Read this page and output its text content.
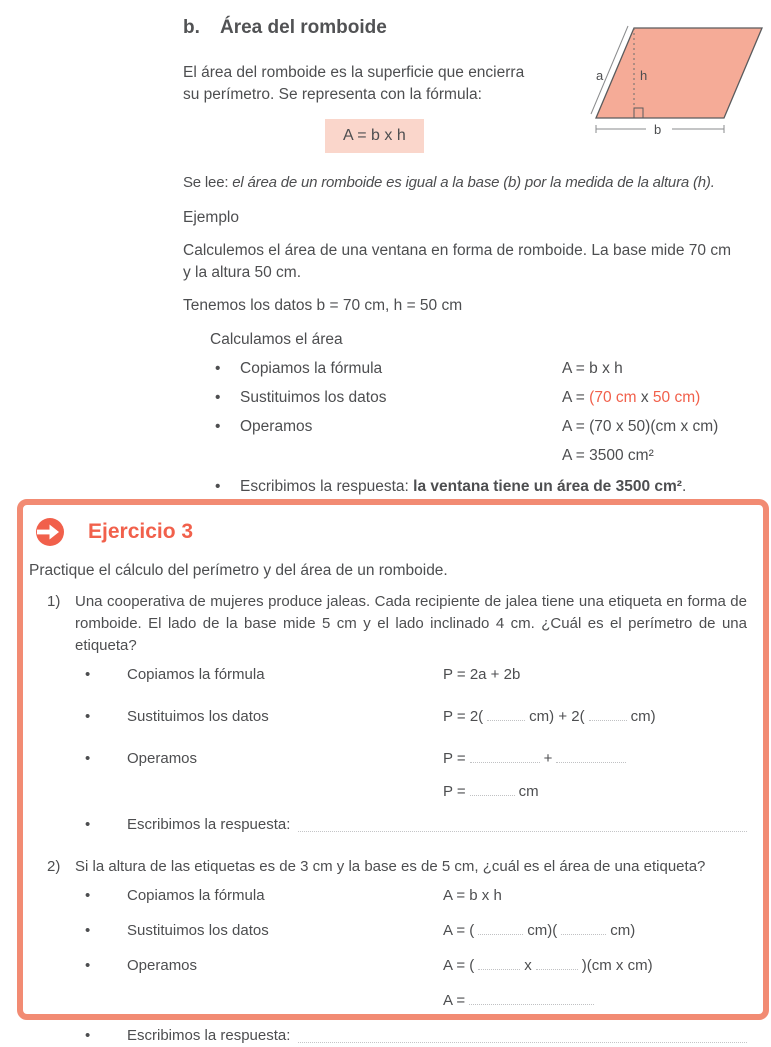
b.	Área del romboide
El área del romboide es la superficie que encierra
su perímetro. Se representa con la fórmula:
A = b x h
Se lee: el área de un romboide es igual a la base (b) por la medida de la altura (h).
Ejemplo
Calculemos el área de una ventana en forma de romboide. La base mide 70 cm
y la altura 50 cm.
Tenemos los datos b = 70 cm, h = 50 cm
Calculamos el área
•	Copiamos la fórmula	A = b x h
•	Sustituimos los datos	A = (70 cm x 50 cm)
•	Operamos	A = (70 x 50)(cm x cm)
A = 3500 cm²
•	Escribimos la respuesta: la ventana tiene un área de 3500 cm².
a	h
b
Ejercicio 3
Practique el cálculo del perímetro y del área de un romboide.
1) Una cooperativa de mujeres produce jaleas. Cada recipiente de jalea tiene una etiqueta en forma de romboide. El lado de la base mide 5 cm y el lado inclinado 4 cm. ¿Cuál es el perímetro de una etiqueta?
•	Copiamos la fórmula	P = 2a + 2b
•	Sustituimos los datos	P = 2(	cm) + 2(	cm)
•	Operamos	P =	+
P =	cm
•	Escribimos la respuesta:
2) Si la altura de las etiquetas es de 3 cm y la base es de 5 cm, ¿cuál es el área de una etiqueta?
•	Copiamos la fórmula	A = b x h
•	Sustituimos los datos	A = (	cm)(	cm)
•	Operamos	A = (	x	)(cm x cm)
A =
•	Escribimos la respuesta:
